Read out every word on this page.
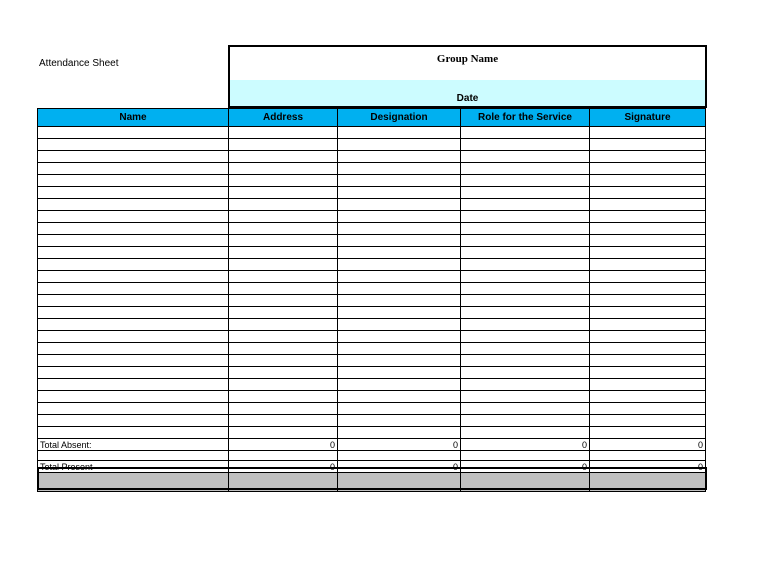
Attendance Sheet	Group Name
Date
Name	Address	Designation	Role for the Service	Signature

Total Absent:	0	0	0	0

Total Present	0	0	0	0
